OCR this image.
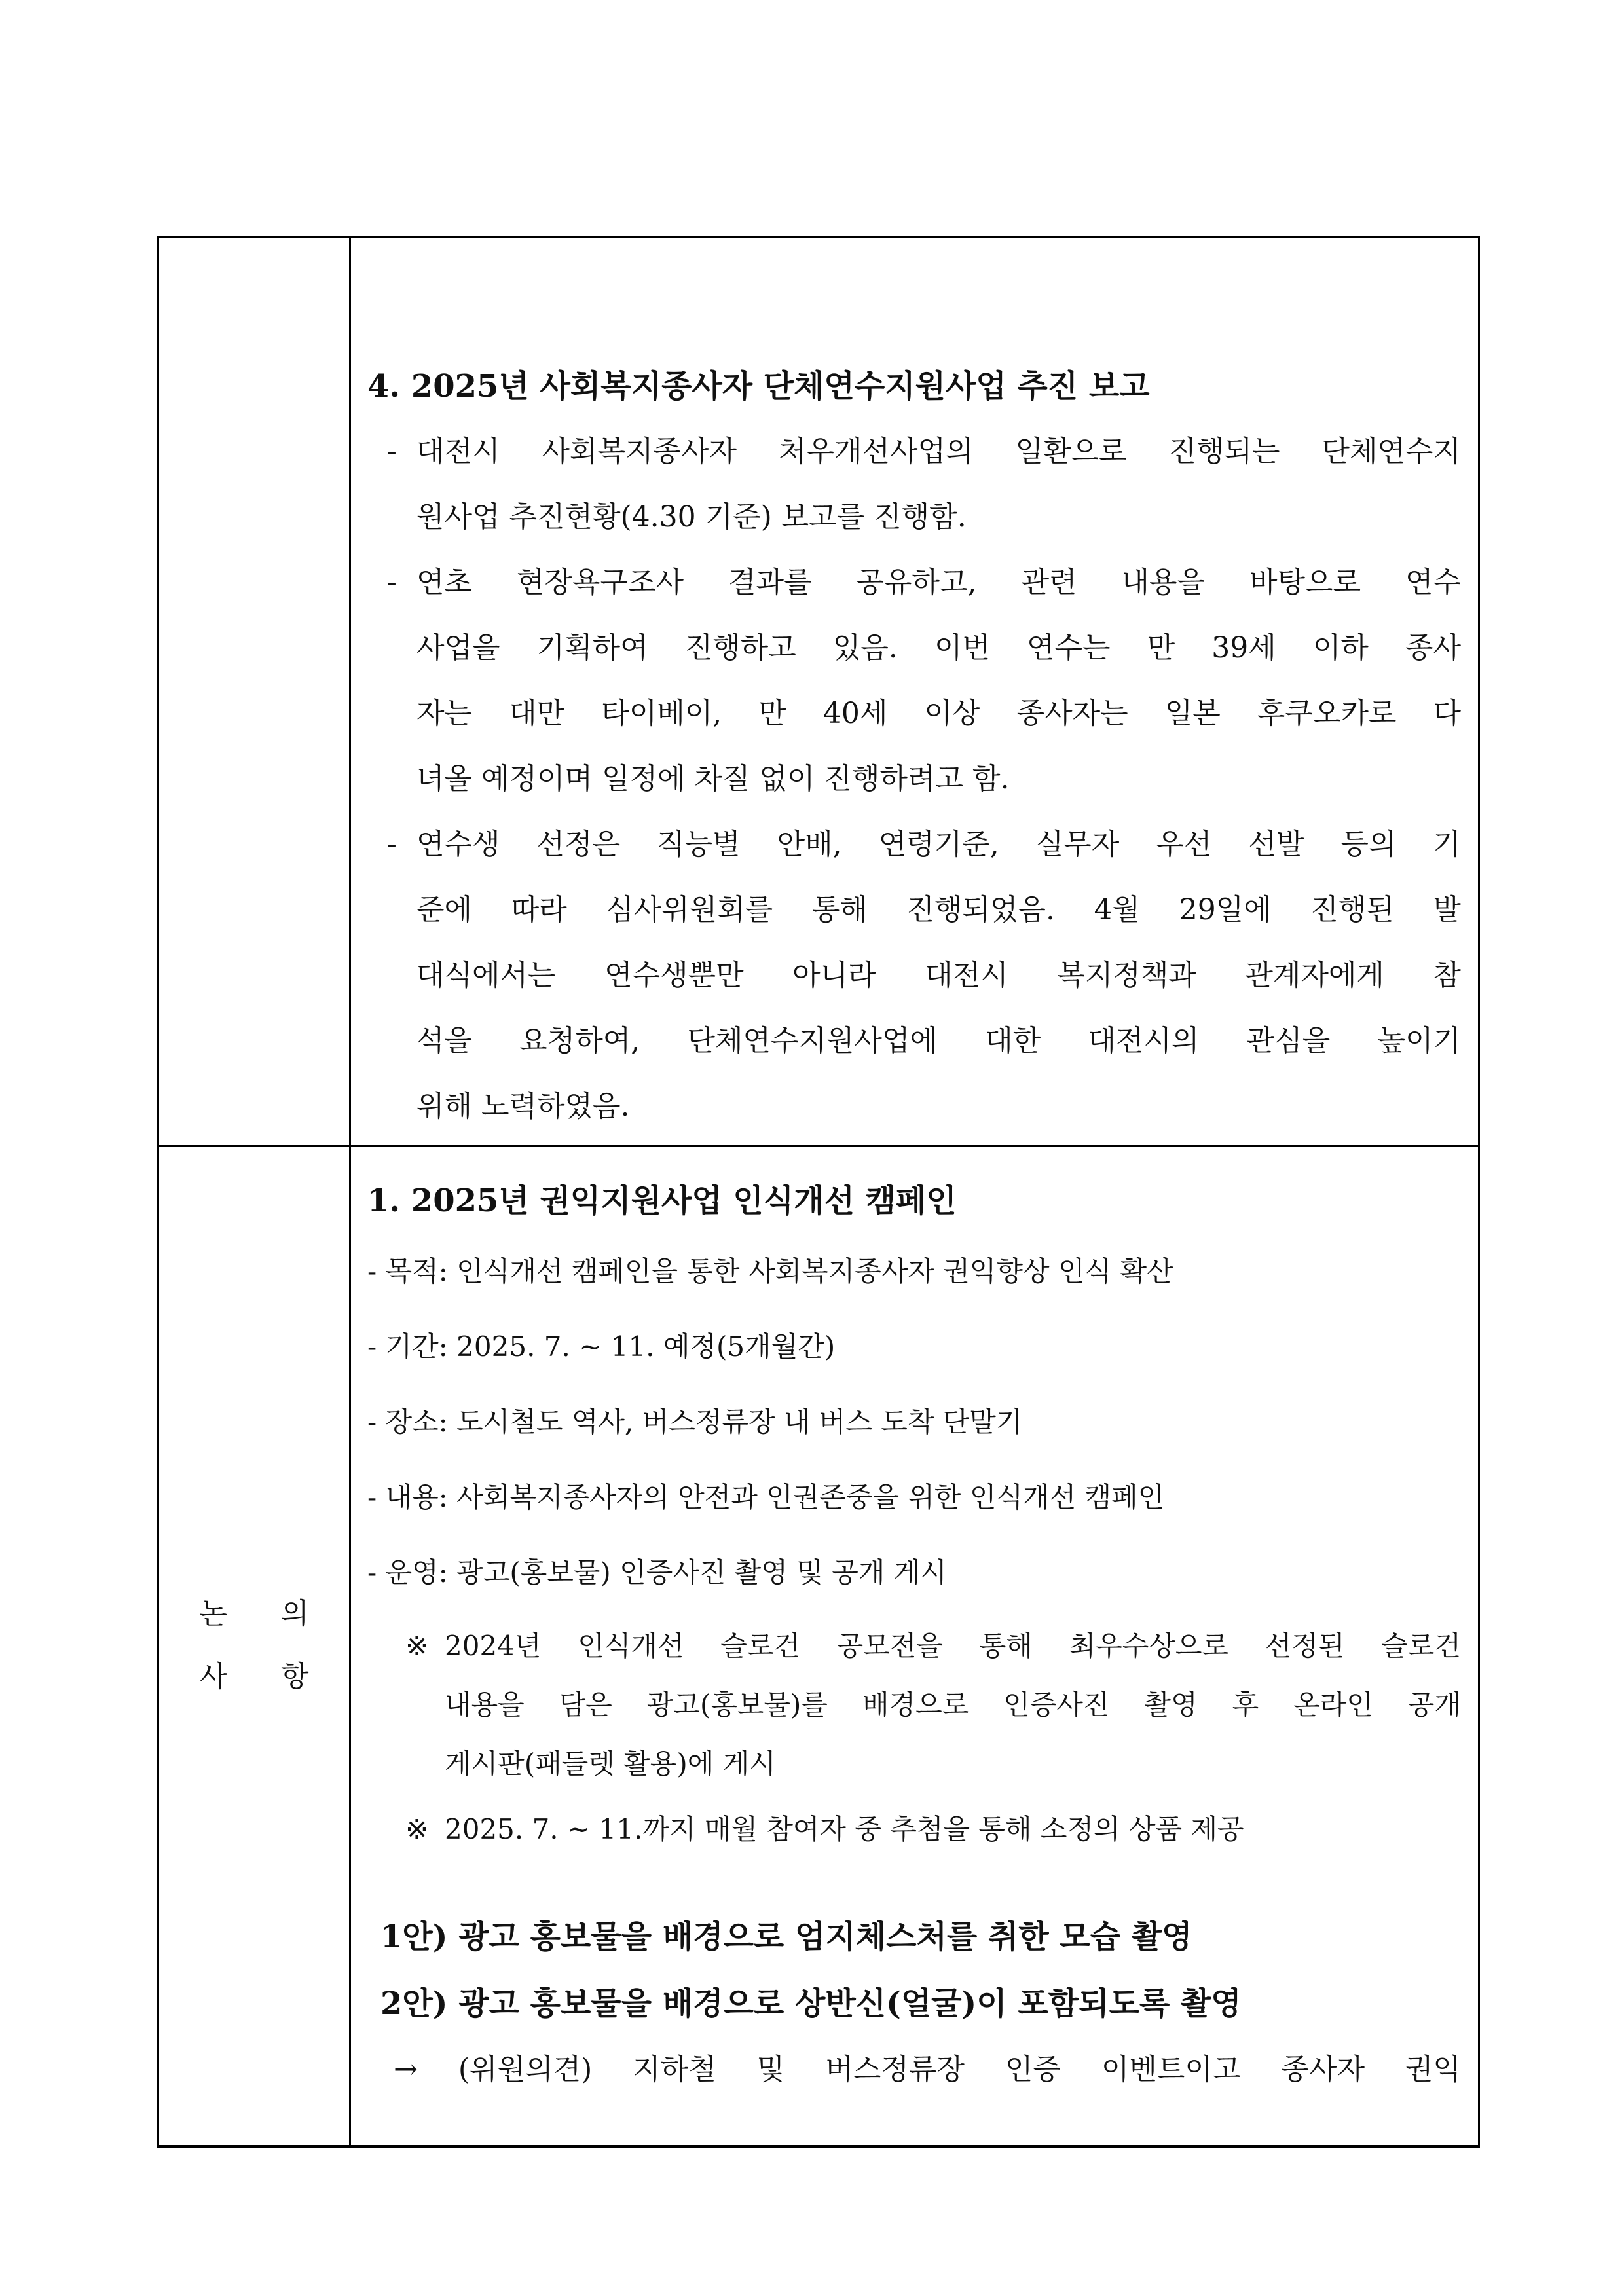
논 의
사 항

4. 2025년 사회복지종사자 단체연수지원사업 추진 보고

- 대전시 사회복지종사자 처우개선사업의 일환으로 진행되는 단체연수지
원사업 추진현황(4.30 기준) 보고를 진행함.
- 연초 현장욕구조사 결과를 공유하고, 관련 내용을 바탕으로 연수
사업을 기획하여 진행하고 있음. 이번 연수는 만 39세 이하 종사
자는 대만 타이베이, 만 40세 이상 종사자는 일본 후쿠오카로 다
녀올 예정이며 일정에 차질 없이 진행하려고 함.
- 연수생 선정은 직능별 안배, 연령기준, 실무자 우선 선발 등의 기
준에 따라 심사위원회를 통해 진행되었음. 4월 29일에 진행된 발
대식에서는 연수생뿐만 아니라 대전시 복지정책과 관계자에게 참
석을 요청하여, 단체연수지원사업에 대한 대전시의 관심을 높이기
위해 노력하였음.

1. 2025년 권익지원사업 인식개선 캠페인

- 목적: 인식개선 캠페인을 통한 사회복지종사자 권익향상 인식 확산
- 기간: 2025. 7. ~ 11. 예정(5개월간)
- 장소: 도시철도 역사, 버스정류장 내 버스 도착 단말기
- 내용: 사회복지종사자의 안전과 인권존중을 위한 인식개선 캠페인
- 운영: 광고(홍보물) 인증사진 촬영 및 공개 게시
※ 2024년 인식개선 슬로건 공모전을 통해 최우수상으로 선정된 슬로건
내용을 담은 광고(홍보물)를 배경으로 인증사진 촬영 후 온라인 공개
게시판(패들렛 활용)에 게시
※ 2025. 7. ~ 11.까지 매월 참여자 중 추첨을 통해 소정의 상품 제공
1안) 광고 홍보물을 배경으로 엄지체스처를 취한 모습 촬영
2안) 광고 홍보물을 배경으로 상반신(얼굴)이 포함되도록 촬영
→ (위원의견) 지하철 및 버스정류장 인증 이벤트이고 종사자 권익
